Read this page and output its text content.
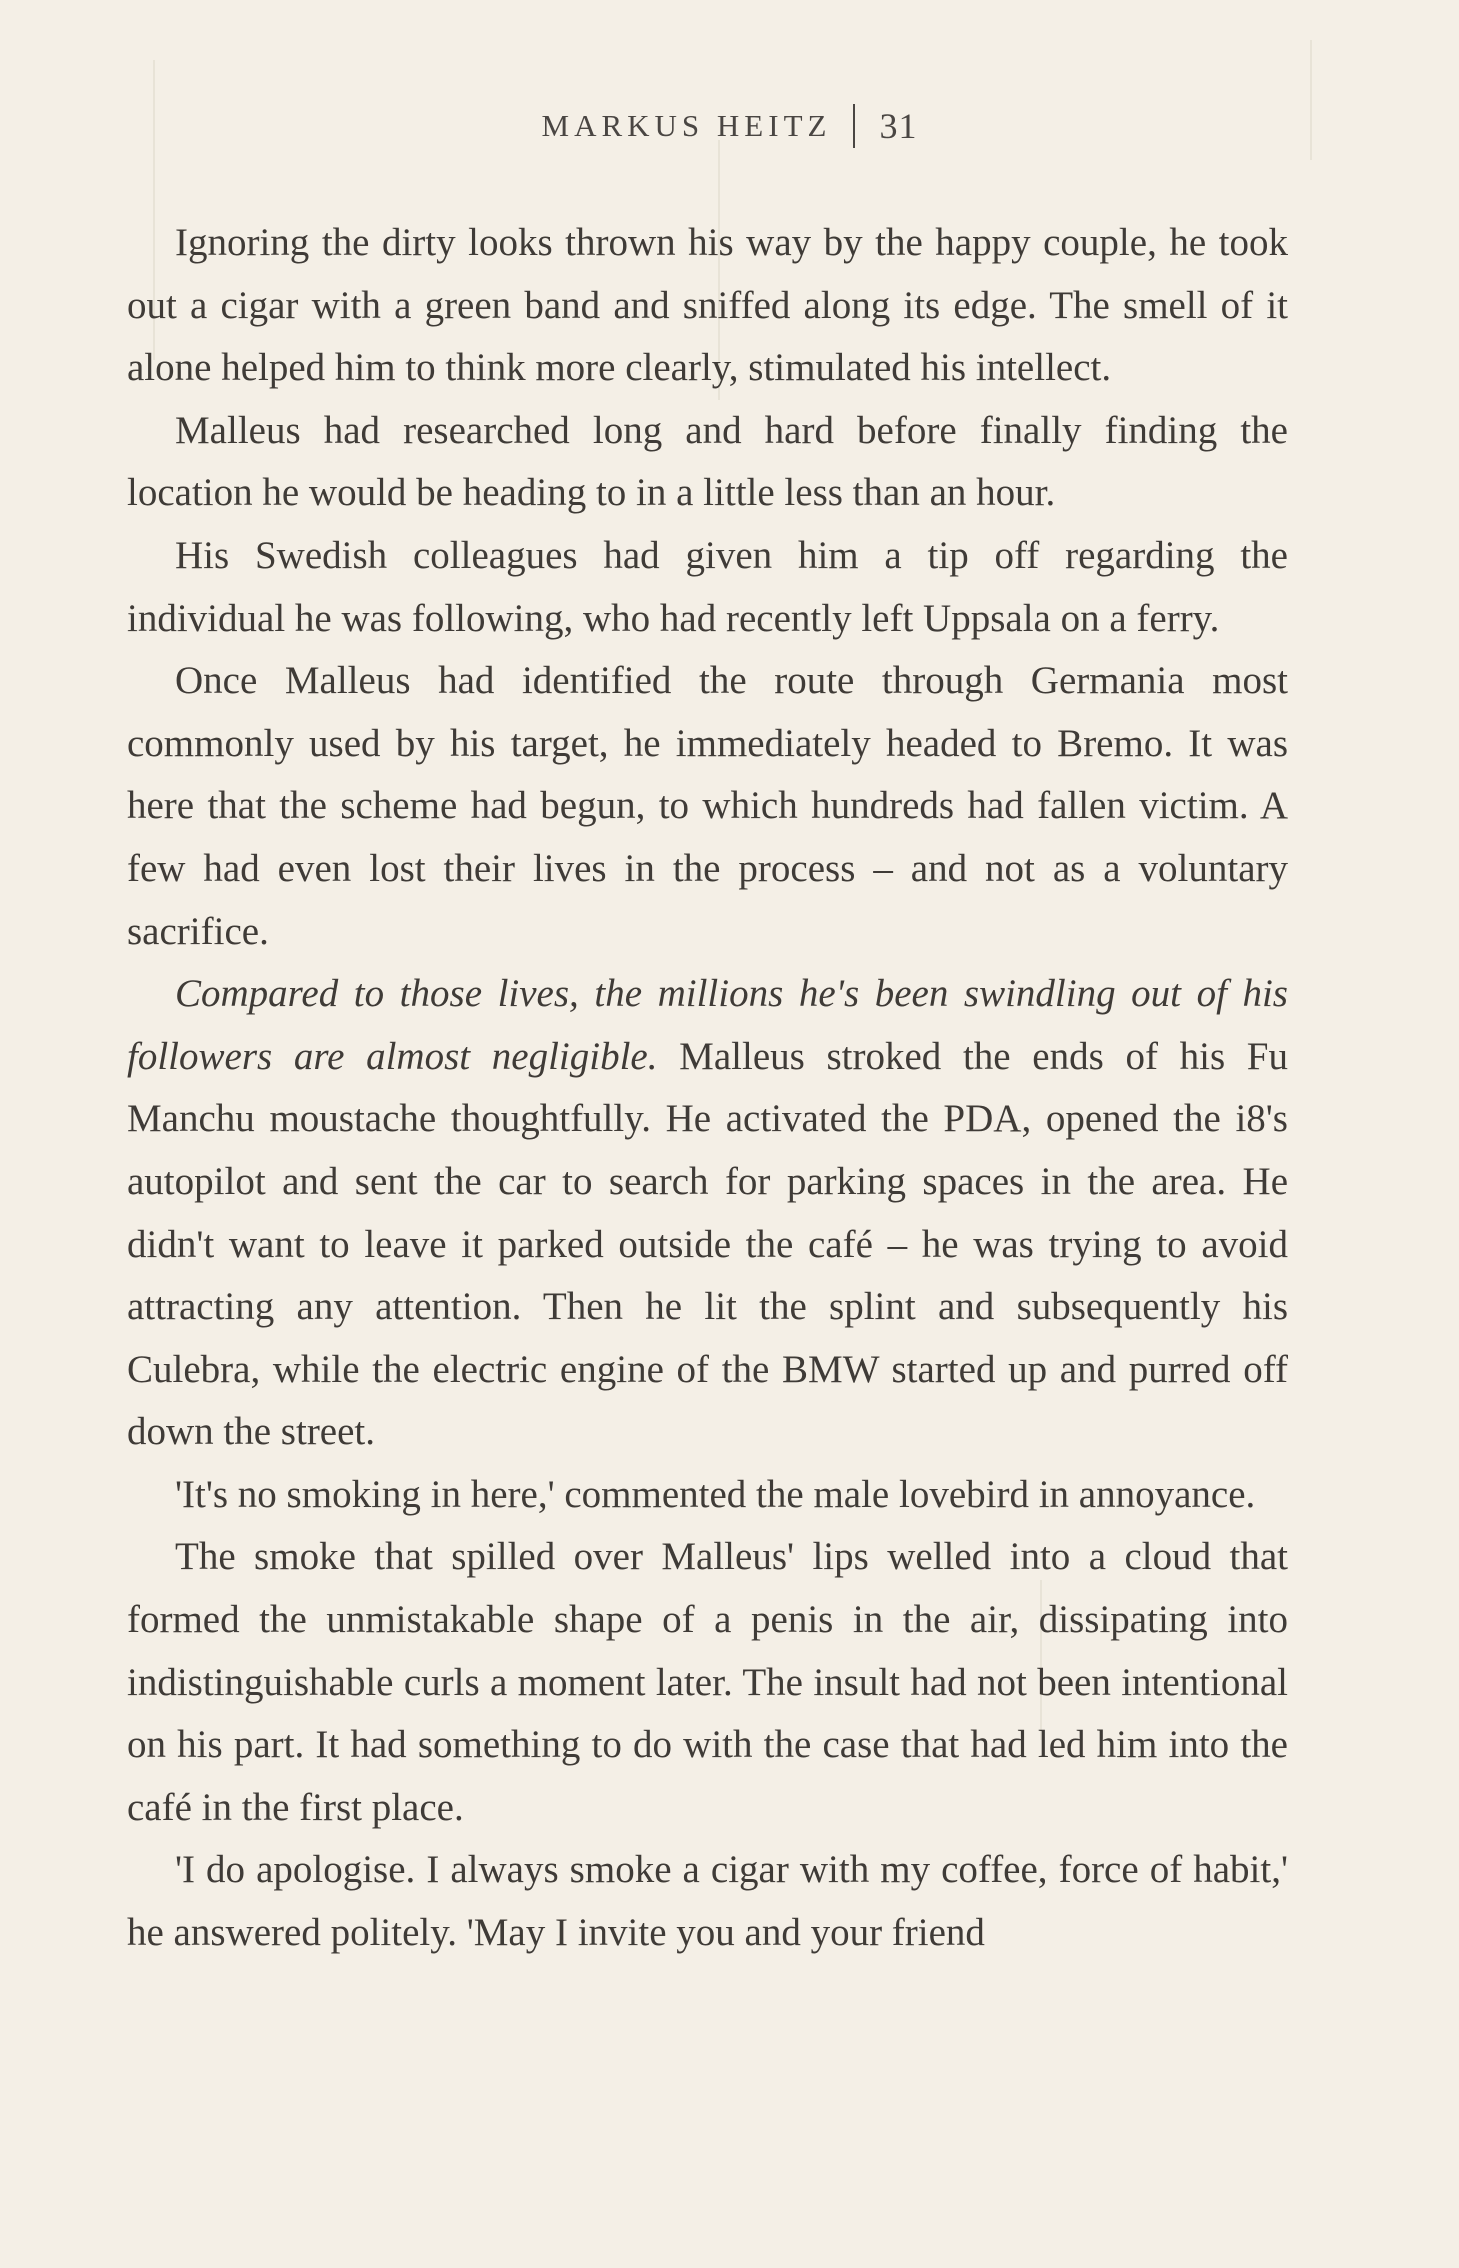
MARKUS HEITZ 31

Ignoring the dirty looks thrown his way by the happy couple, he took out a cigar with a green band and sniffed along its edge. The smell of it alone helped him to think more clearly, stimulated his intellect.

Malleus had researched long and hard before finally finding the location he would be heading to in a little less than an hour.

His Swedish colleagues had given him a tip off regarding the individual he was following, who had recently left Uppsala on a ferry.

Once Malleus had identified the route through Germania most commonly used by his target, he immediately headed to Bremo. It was here that the scheme had begun, to which hundreds had fallen victim. A few had even lost their lives in the process – and not as a voluntary sacrifice.

Compared to those lives, the millions he's been swindling out of his followers are almost negligible. Malleus stroked the ends of his Fu Manchu moustache thoughtfully. He activated the PDA, opened the i8's autopilot and sent the car to search for parking spaces in the area. He didn't want to leave it parked outside the café – he was trying to avoid attracting any attention. Then he lit the splint and subsequently his Culebra, while the electric engine of the BMW started up and purred off down the street.

'It's no smoking in here,' commented the male lovebird in annoyance.

The smoke that spilled over Malleus' lips welled into a cloud that formed the unmistakable shape of a penis in the air, dissipating into indistinguishable curls a moment later. The insult had not been intentional on his part. It had something to do with the case that had led him into the café in the first place.

'I do apologise. I always smoke a cigar with my coffee, force of habit,' he answered politely. 'May I invite you and your friend
